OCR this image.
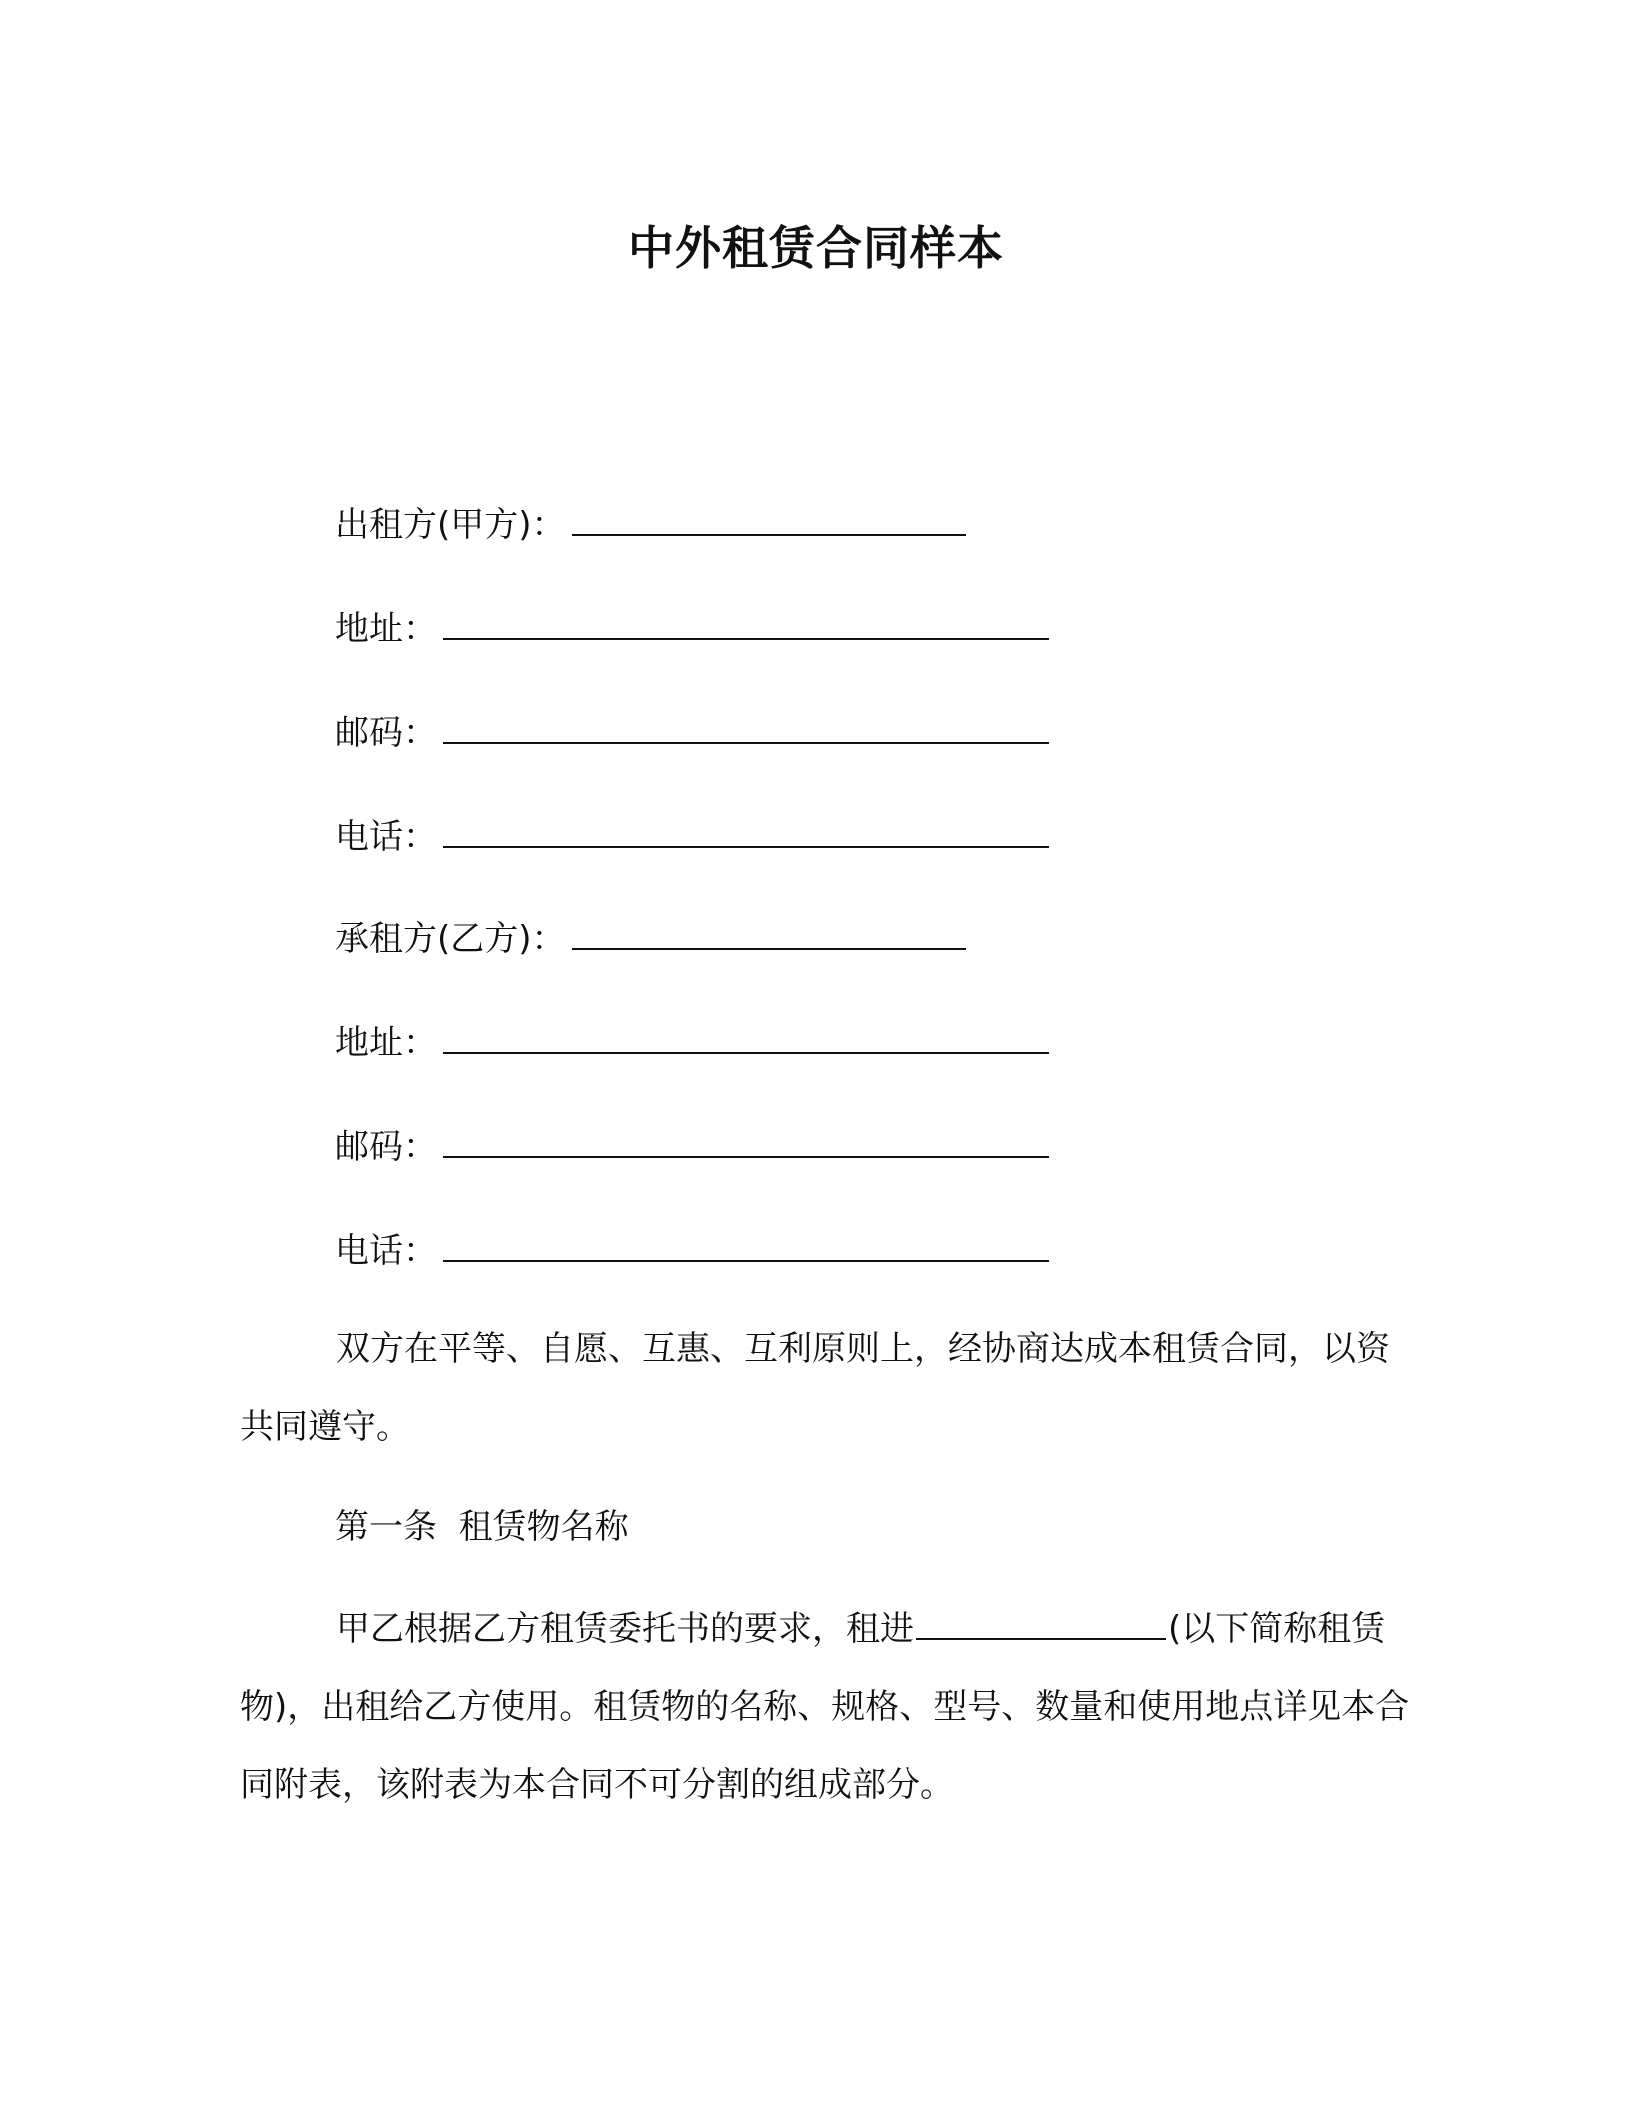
中外租赁合同样本
出租方(甲方)：
地址：
邮码：
电话：
承租方(乙方)：
地址：
邮码：
电话：
双方在平等、自愿、互惠、互利原则上，经协商达成本租赁合同，以资共同遵守。
第一条  租赁物名称
甲乙根据乙方租赁委托书的要求，租进	(以下简称租赁物)，出租给乙方使用。租赁物的名称、规格、型号、数量和使用地点详见本合同附表，该附表为本合同不可分割的组成部分。
